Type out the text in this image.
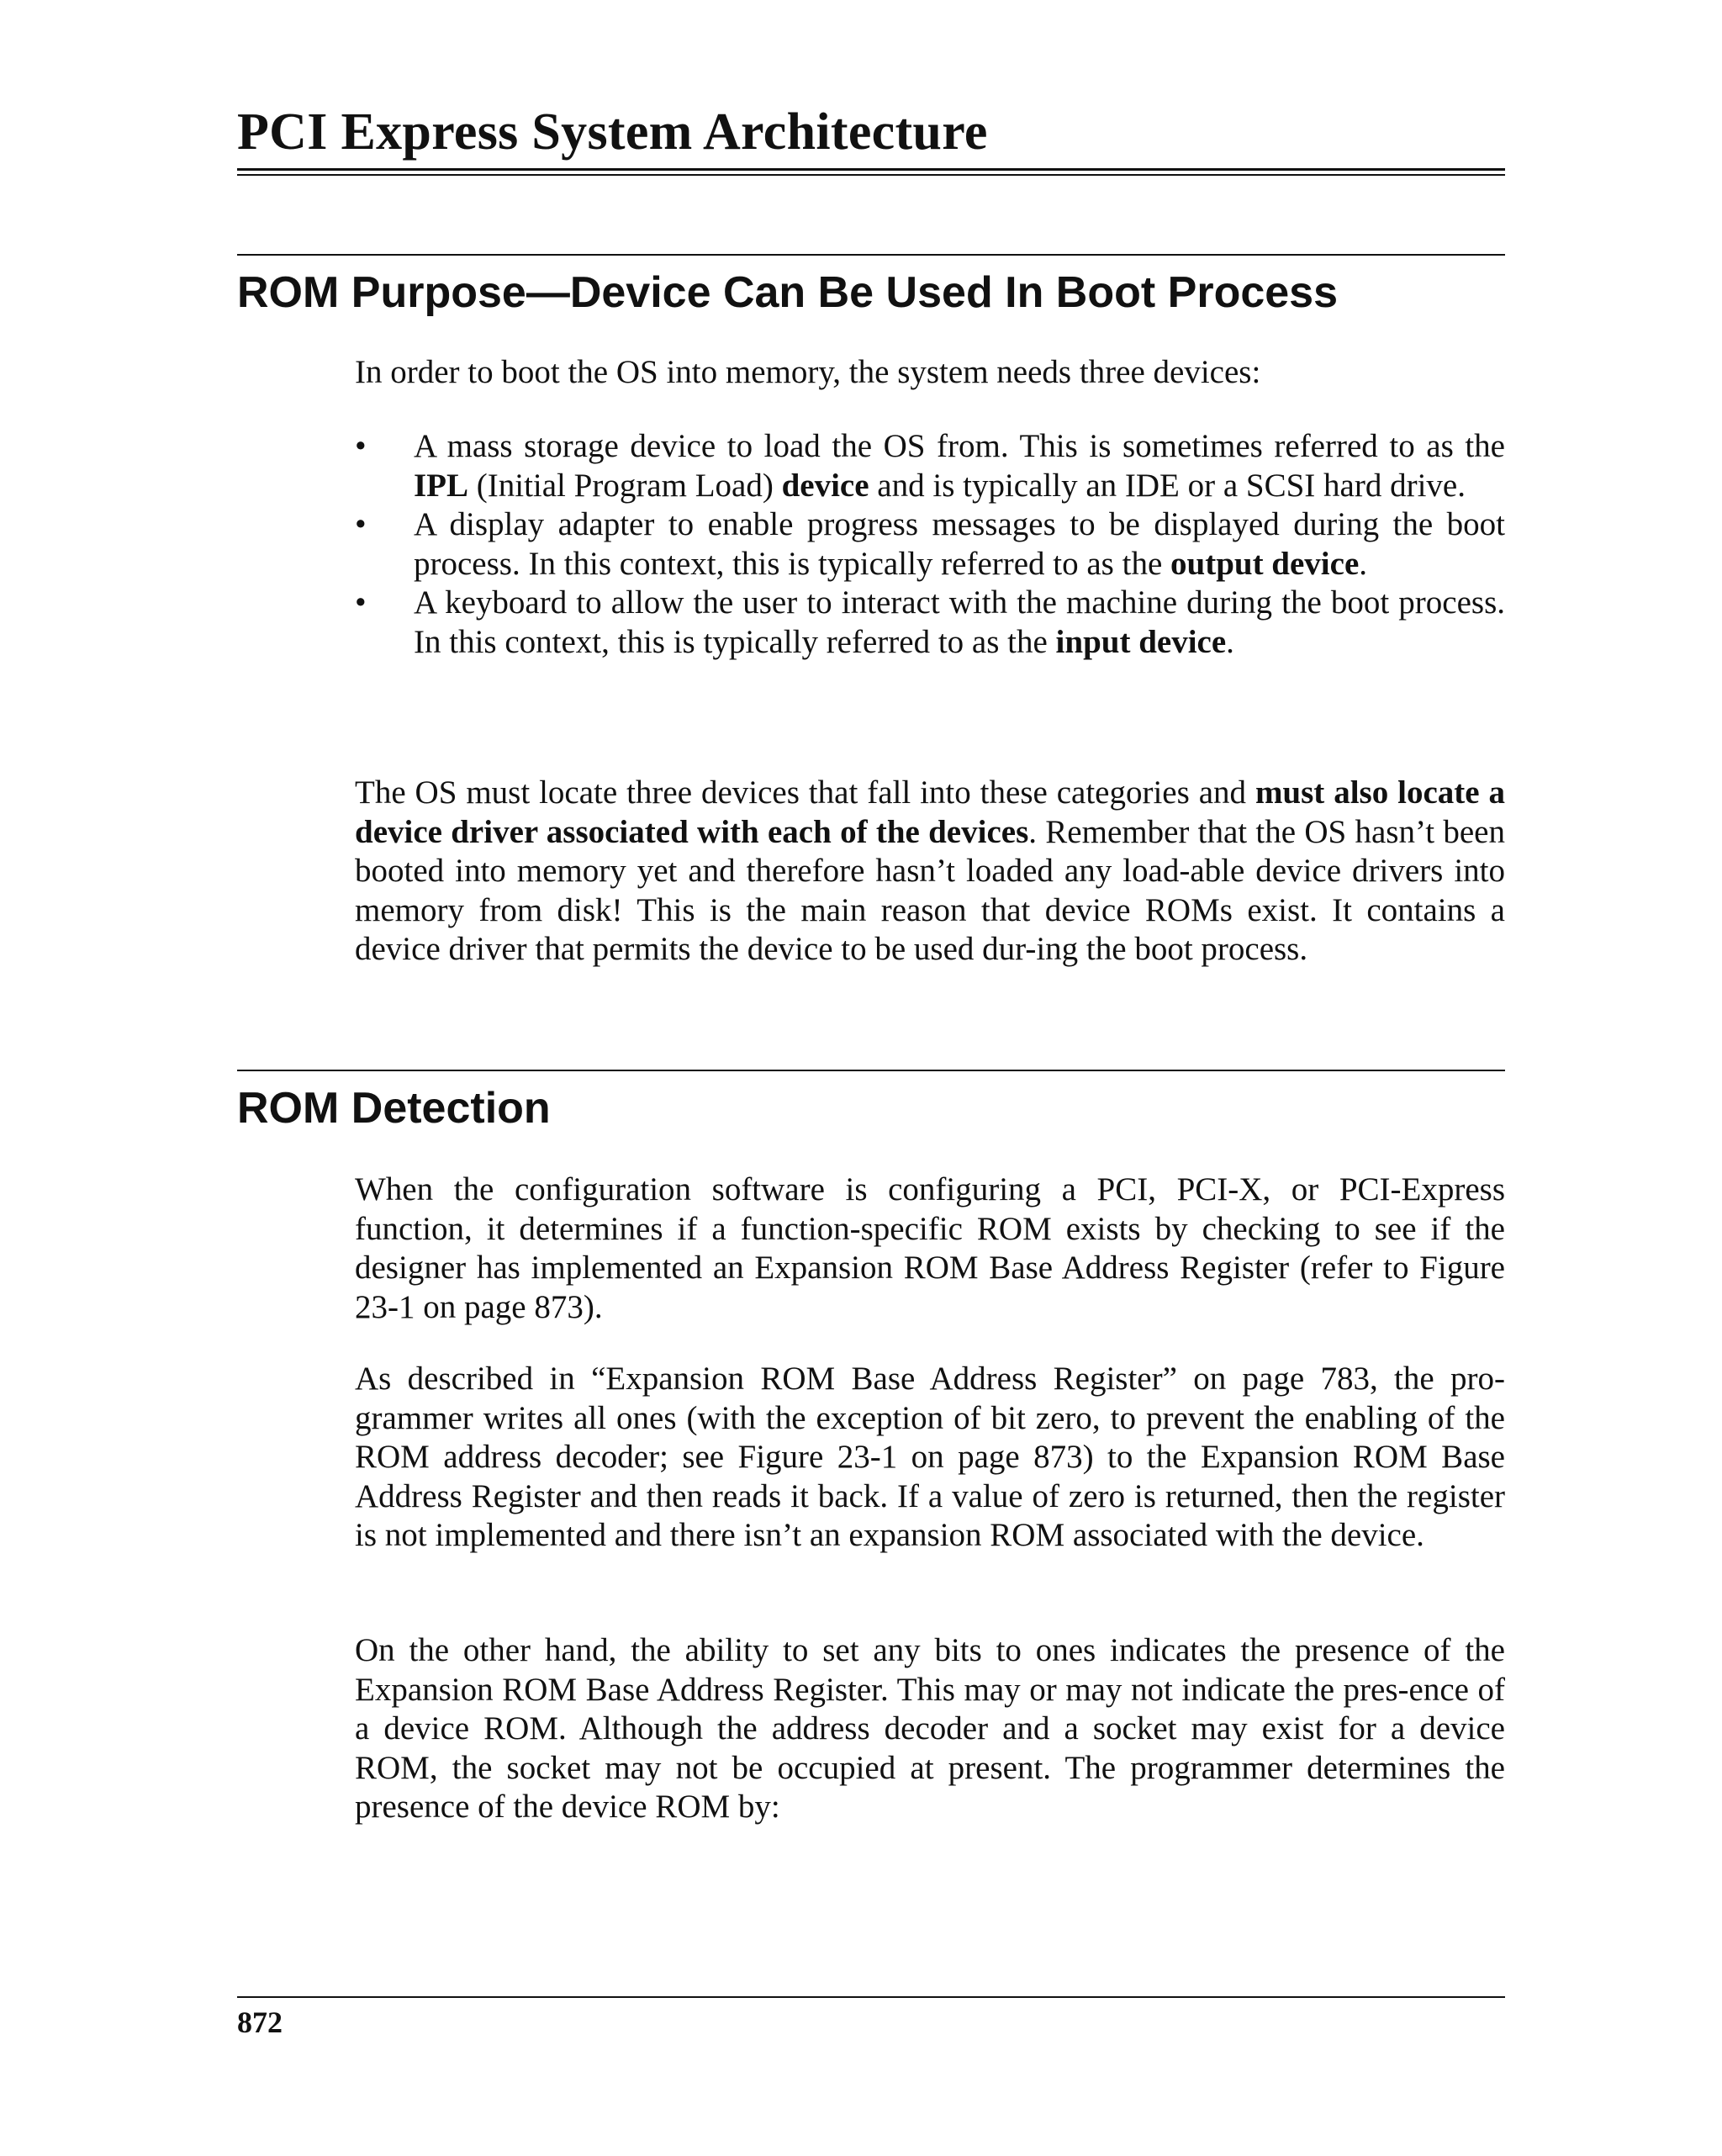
PCI Express System Architecture
ROM Purpose—Device Can Be Used In Boot Process

In order to boot the OS into memory, the system needs three devices:

• A mass storage device to load the OS from. This is sometimes referred to as the IPL (Initial Program Load) device and is typically an IDE or a SCSI hard drive.
• A display adapter to enable progress messages to be displayed during the boot process. In this context, this is typically referred to as the output device.
• A keyboard to allow the user to interact with the machine during the boot process. In this context, this is typically referred to as the input device.

The OS must locate three devices that fall into these categories and must also locate a device driver associated with each of the devices. Remember that the OS hasn’t been booted into memory yet and therefore hasn’t loaded any load-able device drivers into memory from disk! This is the main reason that device ROMs exist. It contains a device driver that permits the device to be used dur-ing the boot process.

ROM Detection

When the configuration software is configuring a PCI, PCI-X, or PCI-Express function, it determines if a function-specific ROM exists by checking to see if the designer has implemented an Expansion ROM Base Address Register (refer to Figure 23-1 on page 873).

As described in “Expansion ROM Base Address Register” on page 783, the pro-grammer writes all ones (with the exception of bit zero, to prevent the enabling of the ROM address decoder; see Figure 23-1 on page 873) to the Expansion ROM Base Address Register and then reads it back. If a value of zero is returned, then the register is not implemented and there isn’t an expansion ROM associated with the device.

On the other hand, the ability to set any bits to ones indicates the presence of the Expansion ROM Base Address Register. This may or may not indicate the pres-ence of a device ROM. Although the address decoder and a socket may exist for a device ROM, the socket may not be occupied at present. The programmer determines the presence of the device ROM by:

872
